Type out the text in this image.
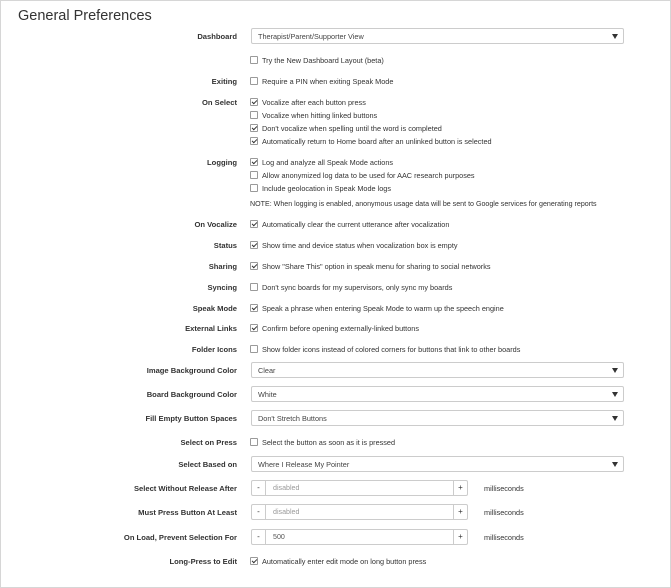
General Preferences
Dashboard	Therapist/Parent/Supporter View
Try the New Dashboard Layout (beta)
Exiting	Require a PIN when exiting Speak Mode
On Select	Vocalize after each button press
Vocalize when hitting linked buttons
Don't vocalize when spelling until the word is completed
Automatically return to Home board after an unlinked button is selected
Logging	Log and analyze all Speak Mode actions
Allow anonymized log data to be used for AAC research purposes
Include geolocation in Speak Mode logs
NOTE: When logging is enabled, anonymous usage data will be sent to Google services for generating reports
On Vocalize	Automatically clear the current utterance after vocalization
Status	Show time and device status when vocalization box is empty
Sharing	Show "Share This" option in speak menu for sharing to social networks
Syncing	Don't sync boards for my supervisors, only sync my boards
Speak Mode	Speak a phrase when entering Speak Mode to warm up the speech engine
External Links	Confirm before opening externally-linked buttons
Folder Icons	Show folder icons instead of colored corners for buttons that link to other boards
Image Background Color	Clear
Board Background Color	White
Fill Empty Button Spaces	Don't Stretch Buttons
Select on Press	Select the button as soon as it is pressed
Select Based on	Where I Release My Pointer
Select Without Release After	-	disabled	+	milliseconds
Must Press Button At Least	-	disabled	+	milliseconds
On Load, Prevent Selection For	-	500	+	milliseconds
Long-Press to Edit	Automatically enter edit mode on long button press
